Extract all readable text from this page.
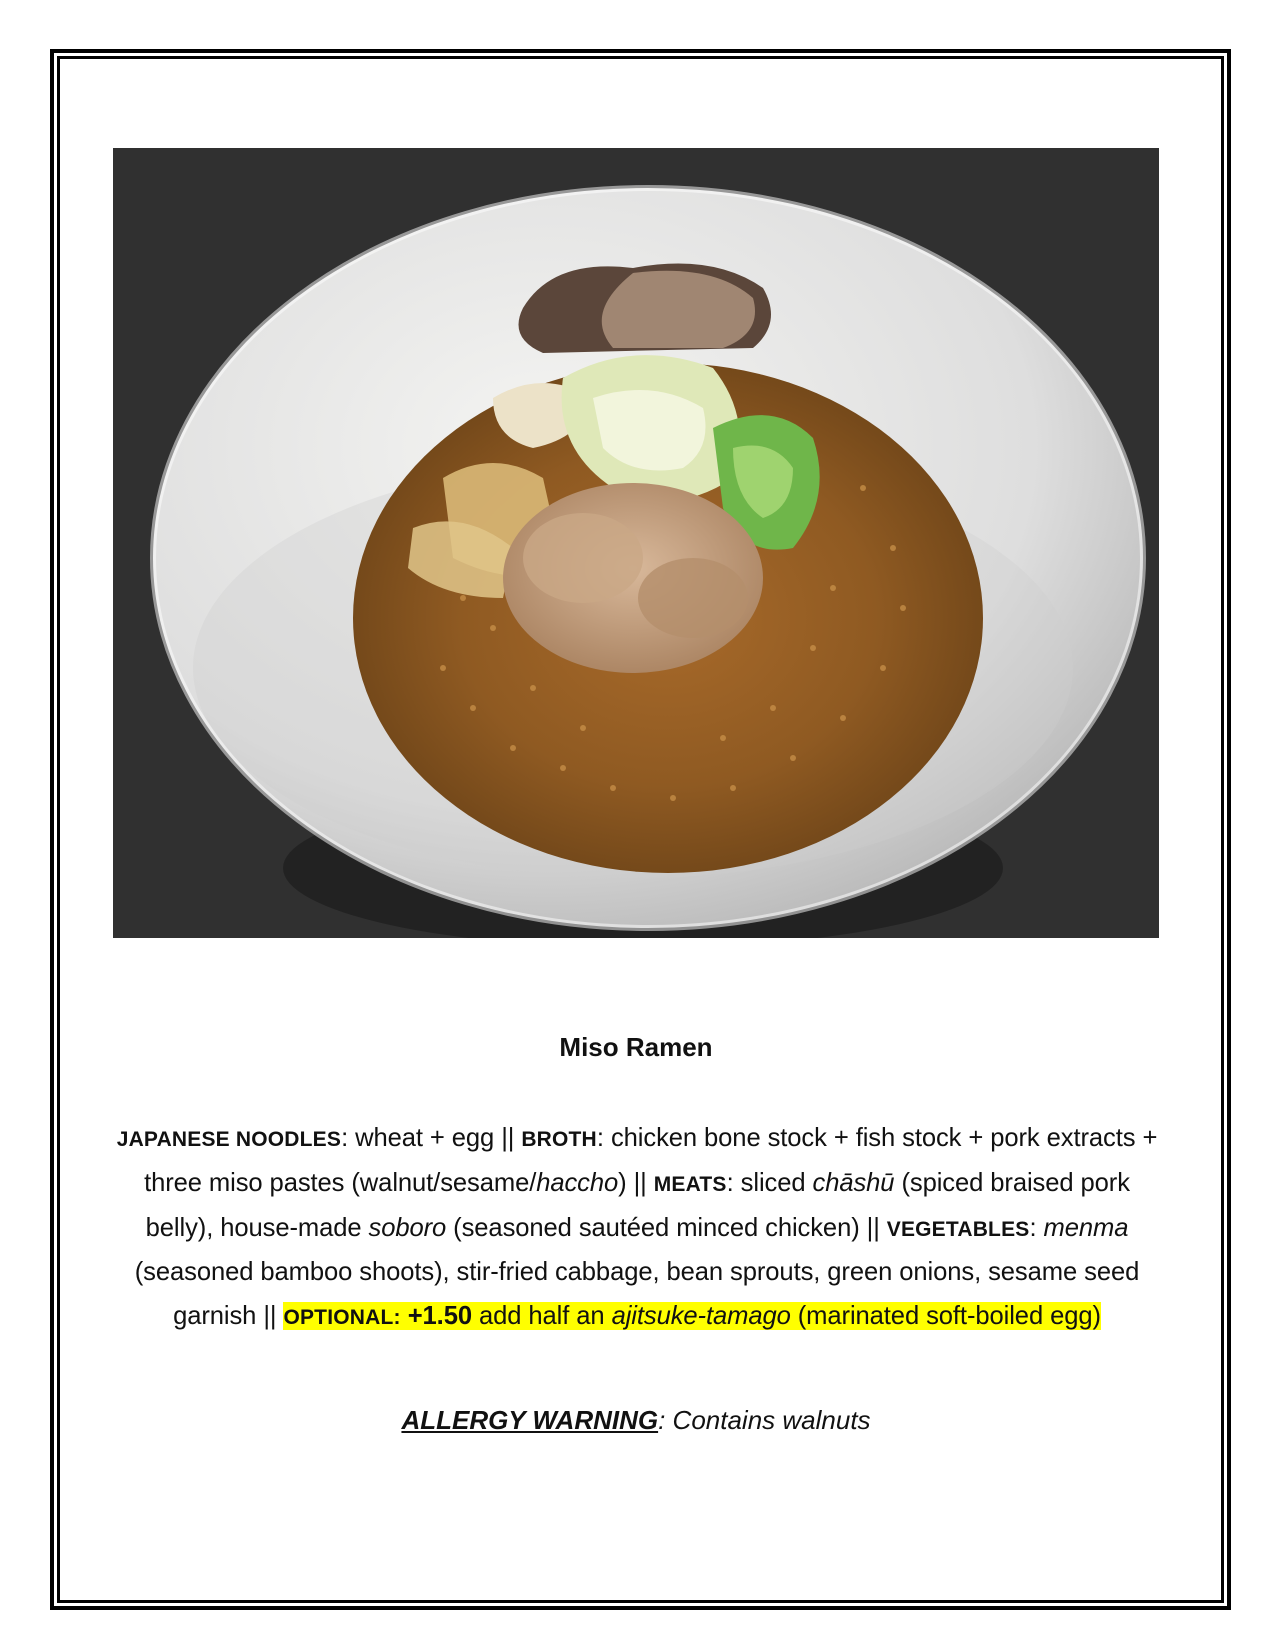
Miso Ramen
JAPANESE NOODLES: wheat + egg || BROTH: chicken bone stock + fish stock + pork extracts + three miso pastes (walnut/sesame/haccho) || MEATS: sliced chāshū (spiced braised pork belly), house-made soboro (seasoned sautéed minced chicken) || VEGETABLES: menma (seasoned bamboo shoots), stir-fried cabbage, bean sprouts, green onions, sesame seed garnish || OPTIONAL: +1.50 add half an ajitsuke-tamago (marinated soft-boiled egg)
ALLERGY WARNING: Contains walnuts
